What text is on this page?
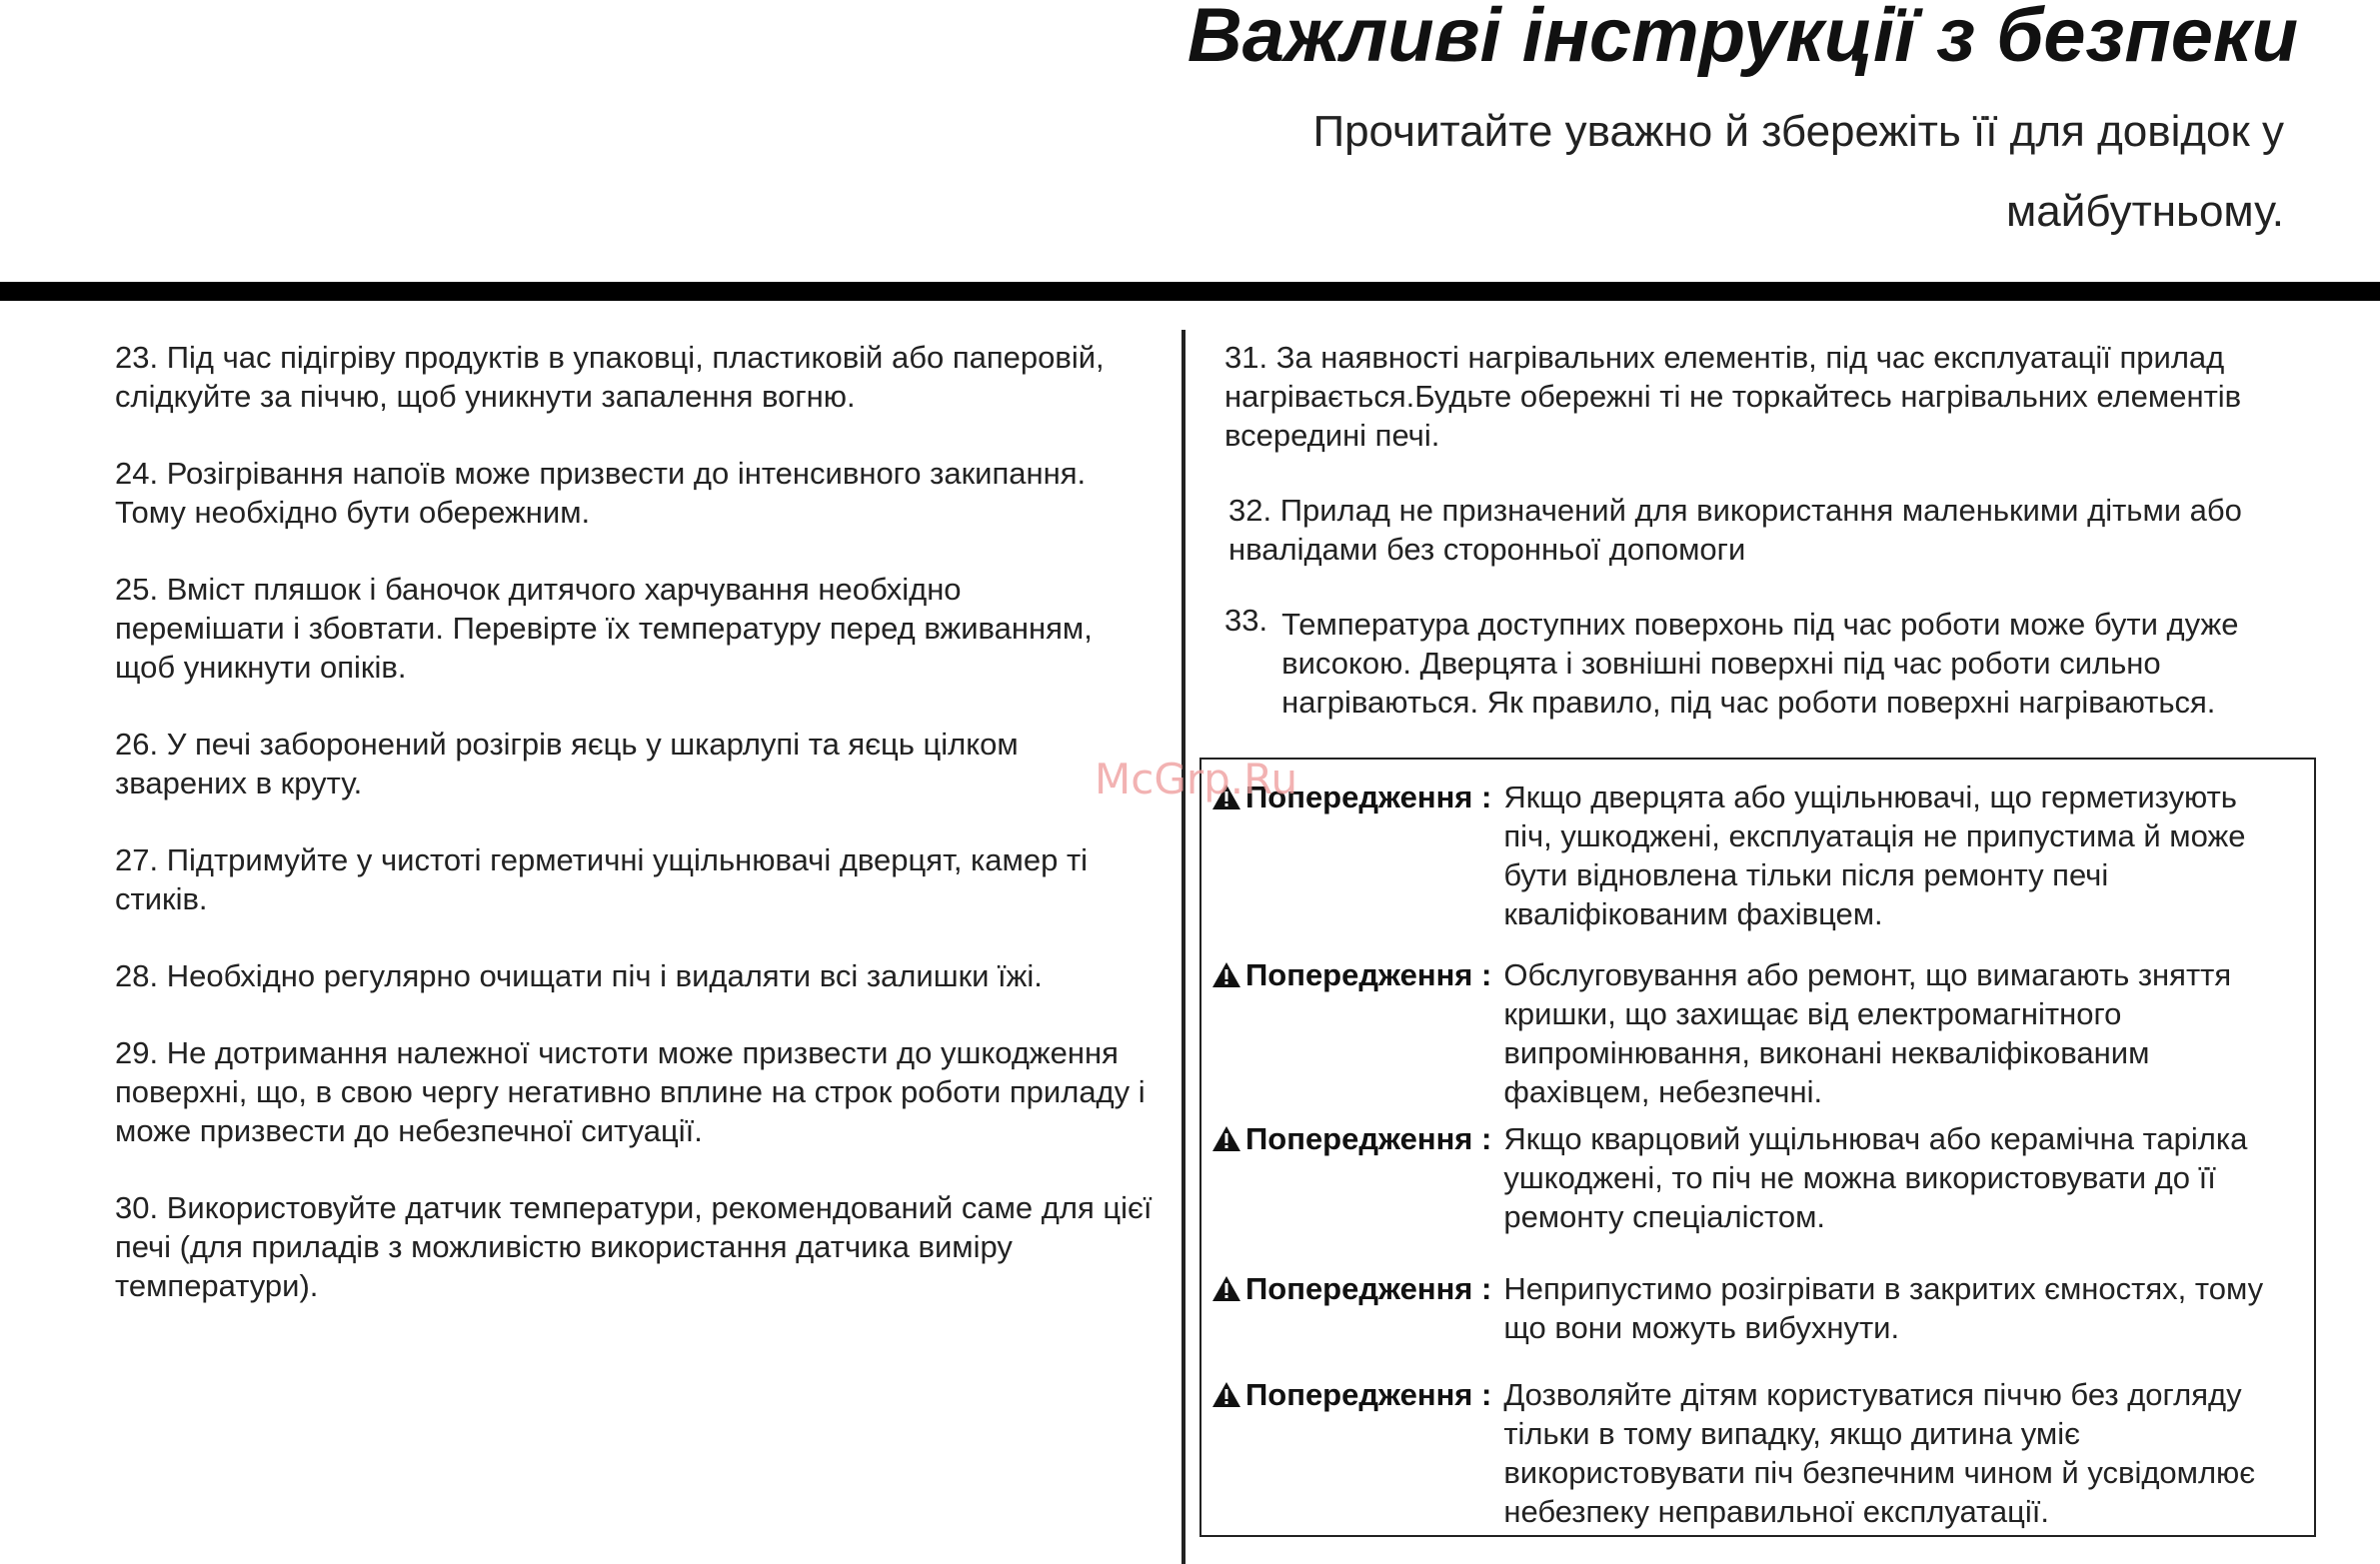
Важливі інструкції з безпеки

Прочитайте уважно й збережіть її для довідок у майбутньому.

23. Під час підігріву продуктів в упаковці, пластиковій або паперовій, слідкуйте за піччю, щоб уникнути запалення вогню.

24. Розігрівання напоїв може призвести до інтенсивного закипання. Тому необхідно бути обережним.

25. Вміст пляшок і баночок дитячого харчування необхідно перемішати і збовтати. Перевірте їх температуру перед вживанням, щоб уникнути опіків.

26. У печі заборонений розігрів яєць у шкарлупі та яєць цілком зварених в круту.

27. Підтримуйте у чистоті герметичні ущільнювачі дверцят, камер ті стиків.

28. Необхідно регулярно очищати піч і видаляти всі залишки їжі.

29. Не дотримання належної чистоти може призвести до ушкодження поверхні, що, в свою чергу негативно вплине на строк роботи приладу і може призвести до небезпечної ситуації.

30. Використовуйте датчик температури, рекомендований саме для цієї печі (для приладів з можливістю використання датчика виміру температури).

31. За наявності нагрівальних елементів, під час експлуатації прилад нагрівається.Будьте обережні ті не торкайтесь нагрівальних елементів всередині печі.

32. Прилад не призначений для використання маленькими дітьми або нвалідами без сторонньої допомоги

33. Температура доступних поверхонь під час роботи може бути дуже високою. Дверцята і зовнішні поверхні під час роботи сильно нагріваються. Як правило, під час роботи поверхні нагріваються.
Попередження : Якщо дверцята або ущільнювачі, що герметизують піч, ушкоджені, експлуатація не припустима й може бути відновлена тільки після ремонту печі кваліфікованим фахівцем.
Попередження : Обслуговування або ремонт, що вимагають зняття кришки, що захищає від електромагнітного випромінювання, виконані некваліфікованим фахівцем, небезпечні.
Попередження : Якщо кварцовий ущільнювач або керамічна тарілка ушкоджені, то піч не можна використовувати до її ремонту спеціалістом.
Попередження : Неприпустимо розігрівати в закритих ємностях, тому що вони можуть вибухнути.
Попередження : Дозволяйте дітям користуватися піччю без догляду тільки в тому випадку, якщо дитина уміє використовувати піч безпечним чином й усвідомлює небезпеку неправильної експлуатації.
McGrp.Ru
